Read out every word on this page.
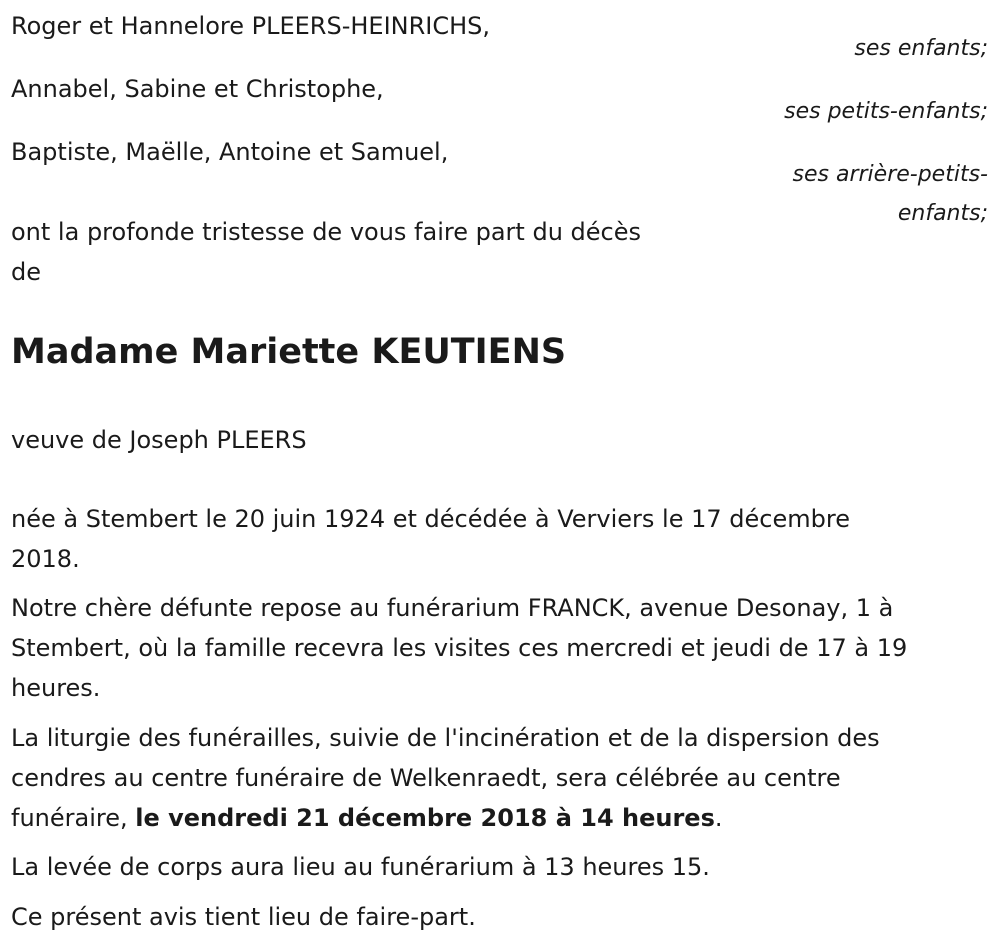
Roger et Hannelore PLEERS-HEINRICHS,
ses enfants;
Annabel, Sabine et Christophe,
ses petits-enfants;
Baptiste, Maëlle, Antoine et Samuel,
ses arrière-petits-
enfants;
ont la profonde tristesse de vous faire part du décès
de
Madame Mariette KEUTIENS
veuve de Joseph PLEERS
née à Stembert le 20 juin 1924 et décédée à Verviers le 17 décembre
2018.
Notre chère défunte repose au funérarium FRANCK, avenue Desonay, 1 à
Stembert, où la famille recevra les visites ces mercredi et jeudi de 17 à 19
heures.
La liturgie des funérailles, suivie de l'incinération et de la dispersion des
cendres au centre funéraire de Welkenraedt, sera célébrée au centre
funéraire, le vendredi 21 décembre 2018 à 14 heures.
La levée de corps aura lieu au funérarium à 13 heures 15.
Ce présent avis tient lieu de faire-part.
